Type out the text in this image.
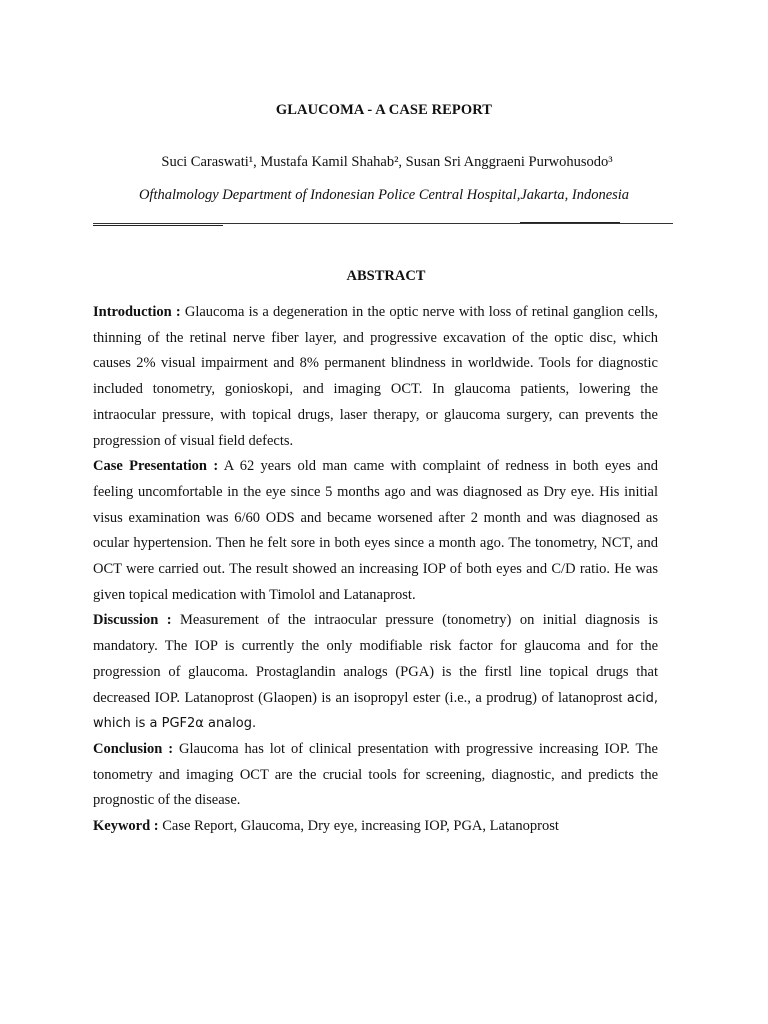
GLAUCOMA - A CASE REPORT
Suci Caraswati¹, Mustafa Kamil Shahab², Susan Sri Anggraeni Purwohusodo³
Ofthalmology Department of Indonesian Police Central Hospital,Jakarta, Indonesia
ABSTRACT

Introduction : Glaucoma is a degeneration in the optic nerve with loss of retinal ganglion cells, thinning of the retinal nerve fiber layer, and progressive excavation of the optic disc, which causes 2% visual impairment and 8% permanent blindness in worldwide. Tools for diagnostic included tonometry, gonioskopi, and imaging OCT. In glaucoma patients, lowering the intraocular pressure, with topical drugs, laser therapy, or glaucoma surgery, can prevents the progression of visual field defects.

Case Presentation : A 62 years old man came with complaint of redness in both eyes and feeling uncomfortable in the eye since 5 months ago and was diagnosed as Dry eye. His initial visus examination was 6/60 ODS and became worsened after 2 month and was diagnosed as ocular hypertension. Then he felt sore in both eyes since a month ago. The tonometry, NCT, and OCT were carried out. The result showed an increasing IOP of both eyes and C/D ratio. He was given topical medication with Timolol and Latanaprost.

Discussion : Measurement of the intraocular pressure (tonometry) on initial diagnosis is mandatory. The IOP is currently the only modifiable risk factor for glaucoma and for the progression of glaucoma. Prostaglandin analogs (PGA) is the firstl line topical drugs that decreased IOP. Latanoprost (Glaopen) is an isopropyl ester (i.e., a prodrug) of latanoprost acid, which is a PGF2α analog.

Conclusion : Glaucoma has lot of clinical presentation with progressive increasing IOP. The tonometry and imaging OCT are the crucial tools for screening, diagnostic, and predicts the prognostic of the disease.

Keyword : Case Report, Glaucoma, Dry eye, increasing IOP, PGA, Latanoprost
